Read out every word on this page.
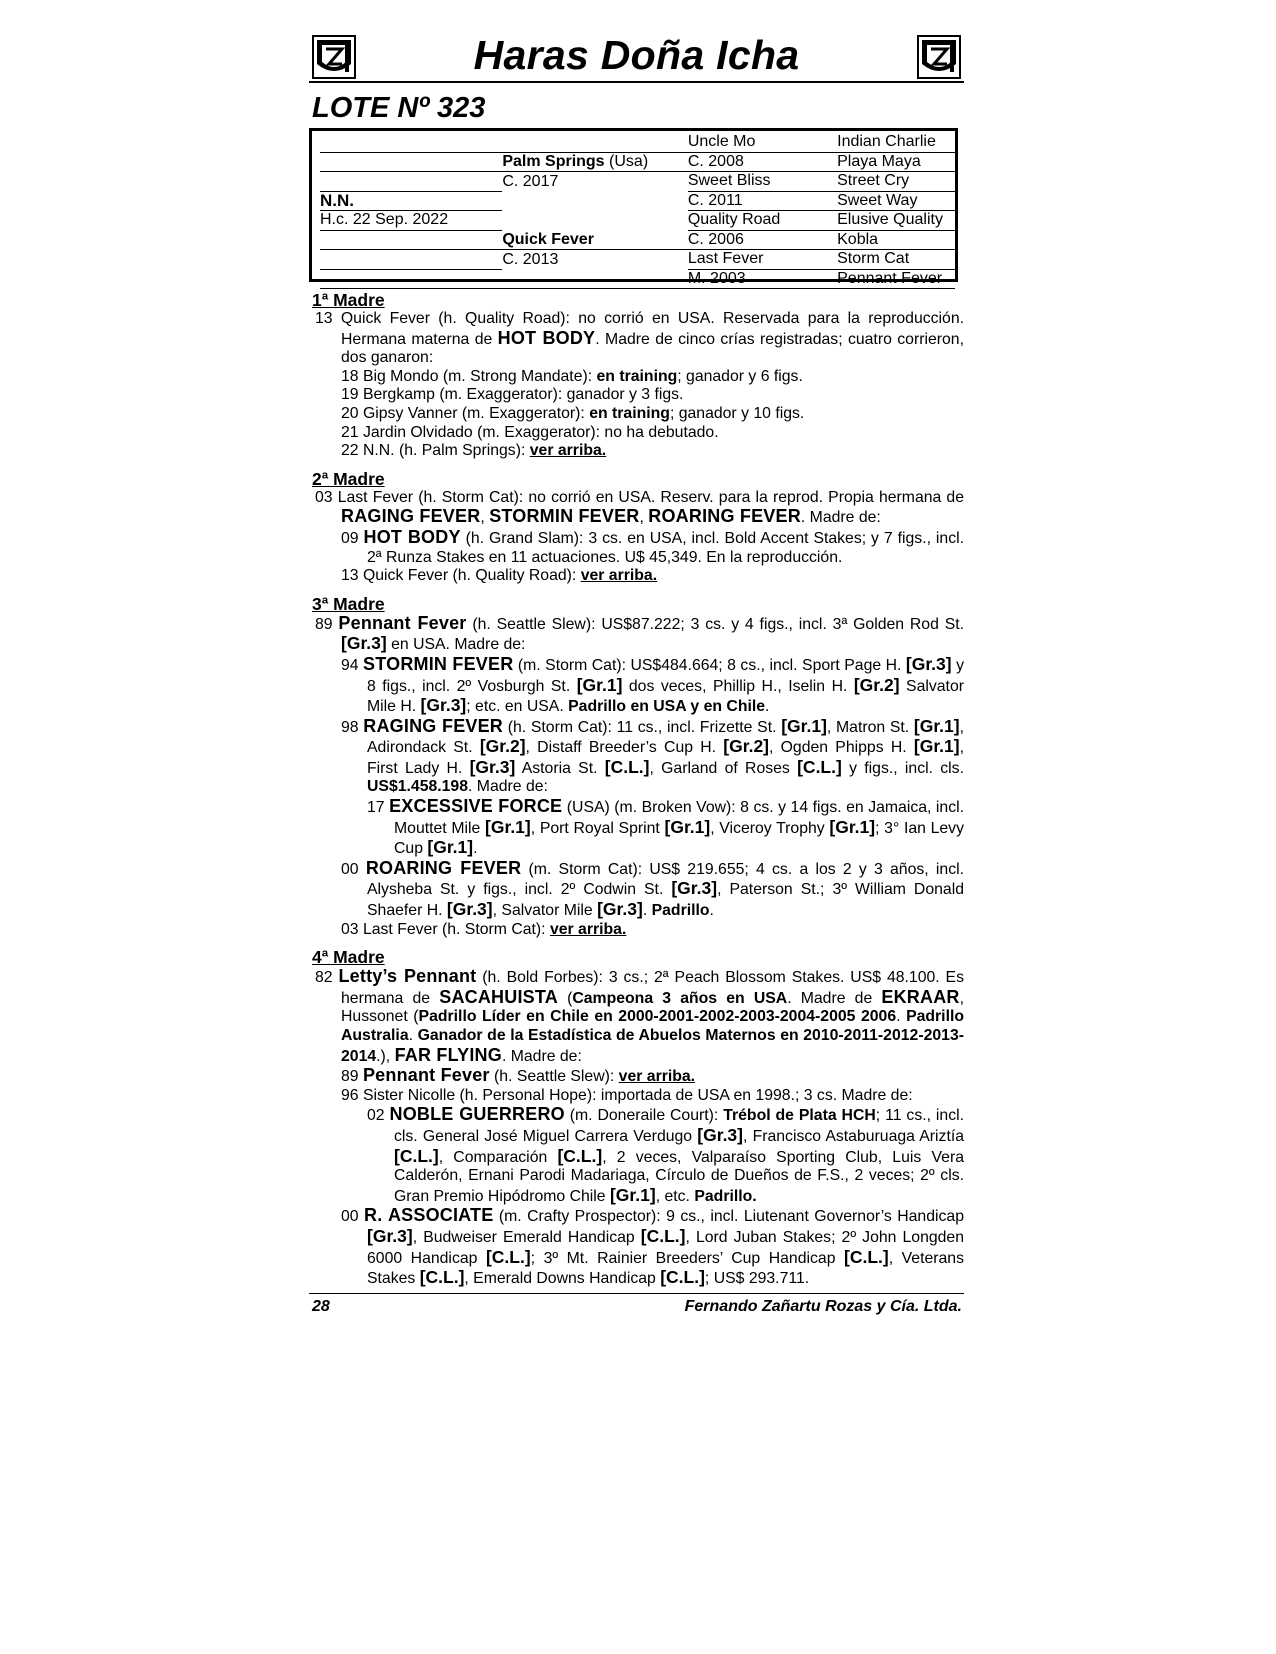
Haras Doña Icha
LOTE Nº 323
		Uncle Mo	Indian Charlie
	Palm Springs (Usa)	C. 2008	Playa Maya
	C. 2017	Sweet Bliss	Street Cry
N.N.		C. 2011	Sweet Way
H.c. 22 Sep. 2022		Quality Road	Elusive Quality
	Quick Fever	C. 2006	Kobla
	C. 2013	Last Fever	Storm Cat
		M. 2003	Pennant Fever
1ª Madre
13 Quick Fever (h. Quality Road): no corrió en USA. Reservada para la reproducción. Hermana materna de HOT BODY. Madre de cinco crías registradas; cuatro corrieron, dos ganaron:
18 Big Mondo (m. Strong Mandate): en training; ganador y 6 figs.
19 Bergkamp (m. Exaggerator): ganador y 3 figs.
20 Gipsy Vanner (m. Exaggerator): en training; ganador y 10 figs.
21 Jardin Olvidado (m. Exaggerator): no ha debutado.
22 N.N. (h. Palm Springs): ver arriba.
2ª Madre
03 Last Fever (h. Storm Cat): no corrió en USA. Reserv. para la reprod. Propia hermana de RAGING FEVER, STORMIN FEVER, ROARING FEVER. Madre de:
09 HOT BODY (h. Grand Slam): 3 cs. en USA, incl. Bold Accent Stakes; y 7 figs., incl. 2ª Runza Stakes en 11 actuaciones. U$ 45,349. En la reproducción.
13 Quick Fever (h. Quality Road): ver arriba.
3ª Madre
89 Pennant Fever (h. Seattle Slew): US$87.222; 3 cs. y 4 figs., incl. 3ª Golden Rod St. [Gr.3] en USA. Madre de:
94 STORMIN FEVER (m. Storm Cat): US$484.664; 8 cs., incl. Sport Page H. [Gr.3] y 8 figs., incl. 2º Vosburgh St. [Gr.1] dos veces, Phillip H., Iselin H. [Gr.2] Salvator Mile H. [Gr.3]; etc. en USA. Padrillo en USA y en Chile.
98 RAGING FEVER (h. Storm Cat): 11 cs., incl. Frizette St. [Gr.1], Matron St. [Gr.1], Adirondack St. [Gr.2], Distaff Breeder’s Cup H. [Gr.2], Ogden Phipps H. [Gr.1], First Lady H. [Gr.3] Astoria St. [C.L.], Garland of Roses [C.L.] y figs., incl. cls. US$1.458.198. Madre de:
17 EXCESSIVE FORCE (USA) (m. Broken Vow): 8 cs. y 14 figs. en Jamaica, incl. Mouttet Mile [Gr.1], Port Royal Sprint [Gr.1], Viceroy Trophy [Gr.1]; 3° Ian Levy Cup [Gr.1].
00 ROARING FEVER (m. Storm Cat): US$ 219.655; 4 cs. a los 2 y 3 años, incl. Alysheba St. y figs., incl. 2º Codwin St. [Gr.3], Paterson St.; 3º William Donald Shaefer H. [Gr.3], Salvator Mile [Gr.3]. Padrillo.
03 Last Fever (h. Storm Cat): ver arriba.
4ª Madre
82 Letty’s Pennant (h. Bold Forbes): 3 cs.; 2ª Peach Blossom Stakes. US$ 48.100. Es hermana de SACAHUISTA (Campeona 3 años en USA. Madre de EKRAAR, Hussonet (Padrillo Líder en Chile en 2000-2001-2002-2003-2004-2005 2006. Padrillo Australia. Ganador de la Estadística de Abuelos Maternos en 2010-2011-2012-2013-2014.), FAR FLYING. Madre de:
89 Pennant Fever (h. Seattle Slew): ver arriba.
96 Sister Nicolle (h. Personal Hope): importada de USA en 1998.; 3 cs. Madre de:
02 NOBLE GUERRERO (m. Doneraile Court): Trébol de Plata HCH; 11 cs., incl. cls. General José Miguel Carrera Verdugo [Gr.3], Francisco Astaburuaga Ariztía [C.L.], Comparación [C.L.], 2 veces, Valparaíso Sporting Club, Luis Vera Calderón, Ernani Parodi Madariaga, Círculo de Dueños de F.S., 2 veces; 2º cls. Gran Premio Hipódromo Chile [Gr.1], etc. Padrillo.
00 R. ASSOCIATE (m. Crafty Prospector): 9 cs., incl. Liutenant Governor’s Handicap [Gr.3], Budweiser Emerald Handicap [C.L.], Lord Juban Stakes; 2º John Longden 6000 Handicap [C.L.]; 3º Mt. Rainier Breeders’ Cup Handicap [C.L.], Veterans Stakes [C.L.], Emerald Downs Handicap [C.L.]; US$ 293.711.
28	Fernando Zañartu Rozas y Cía. Ltda.
